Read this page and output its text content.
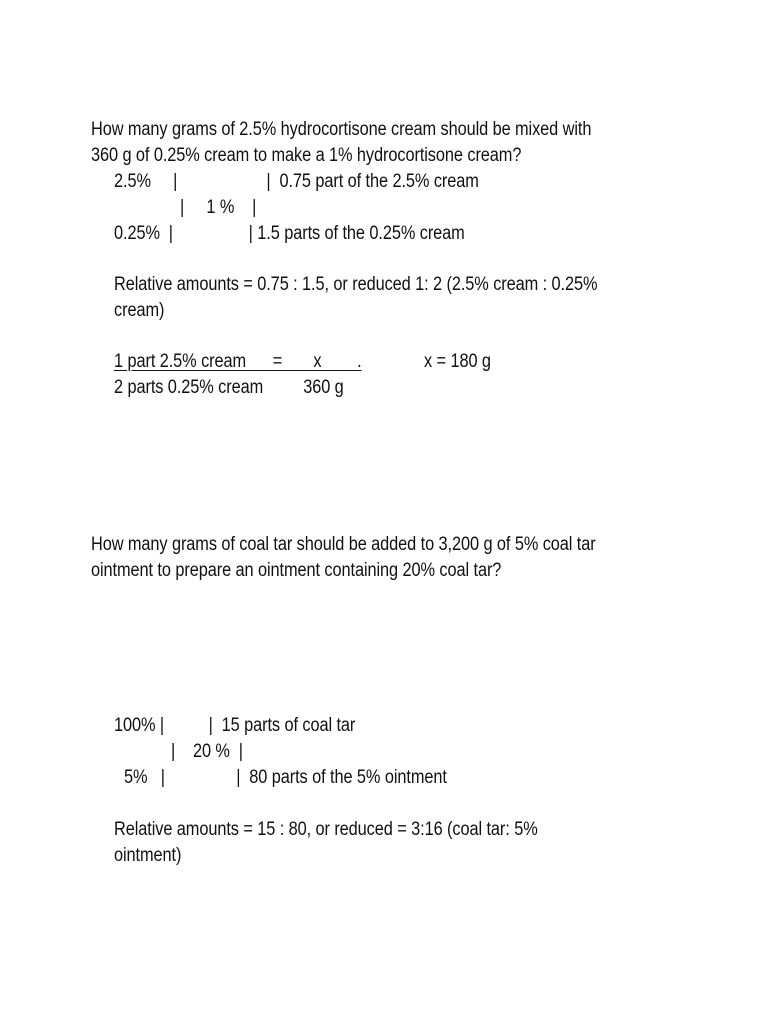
How many grams of 2.5% hydrocortisone cream should be mixed with
360 g of 0.25% cream to make a 1% hydrocortisone cream?
2.5%     |                    |  0.75 part of the 2.5% cream
|     1 %    |
0.25%  |                 | 1.5 parts of the 0.25% cream
Relative amounts = 0.75 : 1.5, or reduced 1: 2 (2.5% cream : 0.25%
cream)
1 part 2.5% cream      =       x        .	x = 180 g
2 parts 0.25% cream         360 g
How many grams of coal tar should be added to 3,200 g of 5% coal tar
ointment to prepare an ointment containing 20% coal tar?
100% |          |  15 parts of coal tar
|    20 %  |
5%   |                |  80 parts of the 5% ointment
Relative amounts = 15 : 80, or reduced = 3:16 (coal tar: 5%
ointment)
